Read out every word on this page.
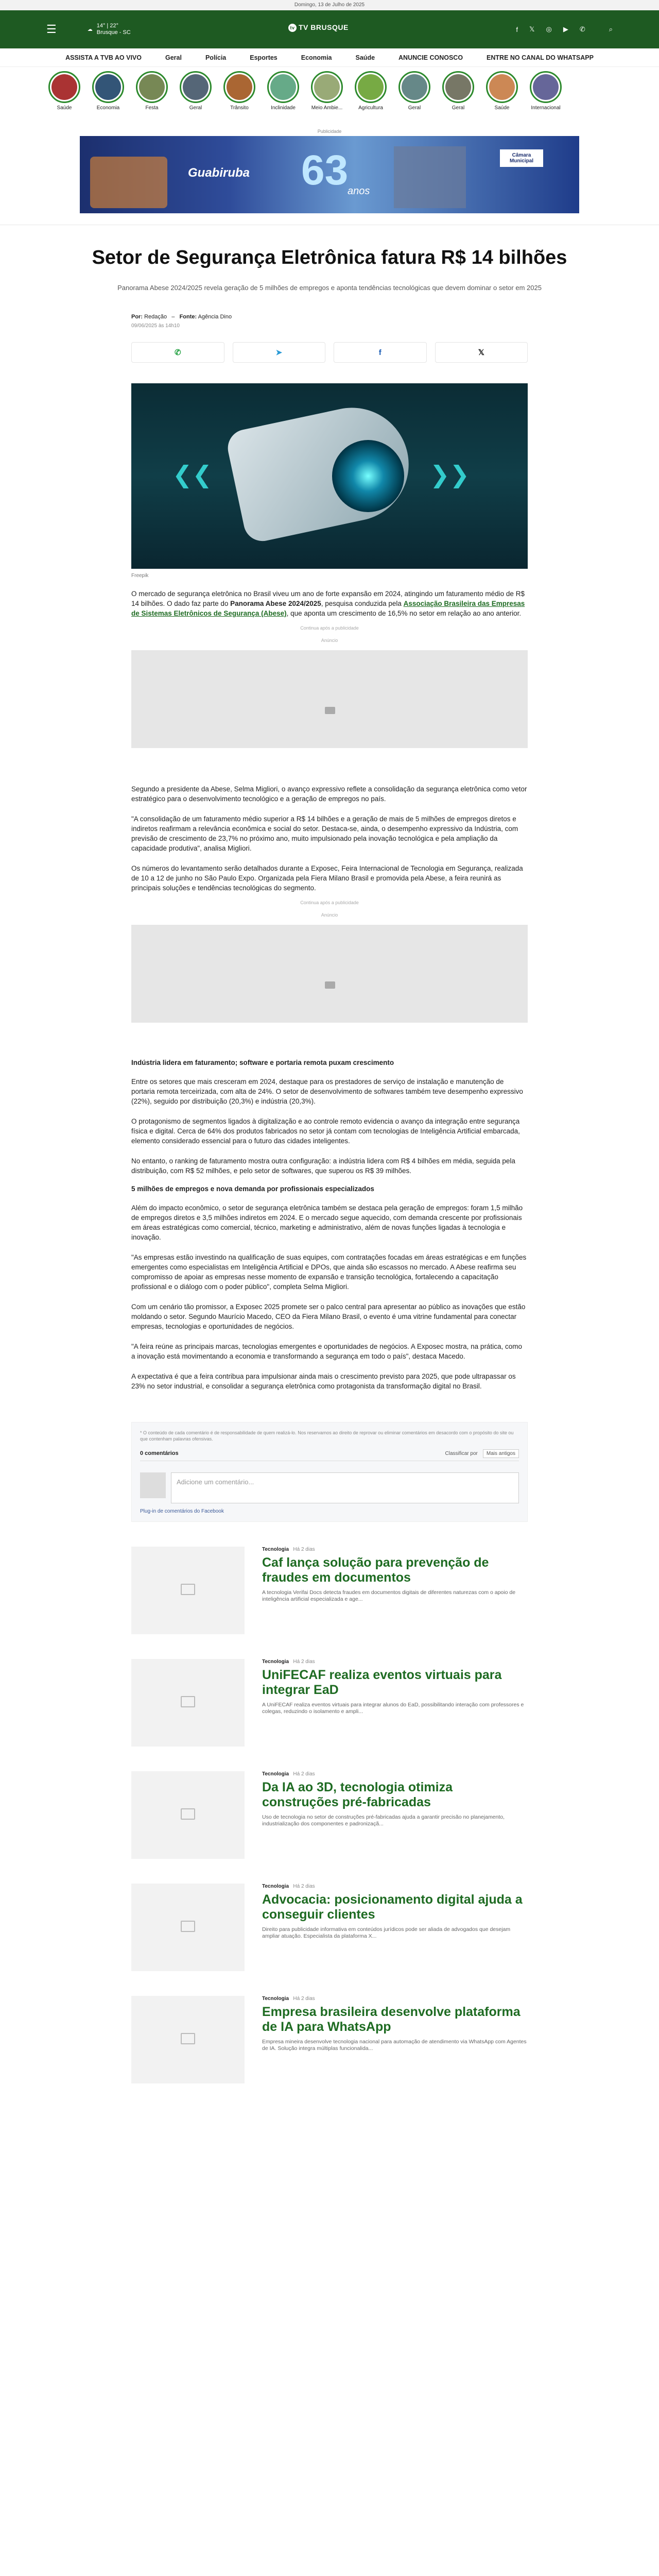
Domingo, 13 de Julho de 2025
☰	☁
14° | 22°
Brusque - SC
tv TV BRUSQUE	f 𝕏 ◎ ▶ ✆	⌕
ASSISTA A TVB AO VIVO	Geral	Polícia	Esportes	Economia	Saúde	ANUNCIE CONOSCO	ENTRE NO CANAL DO WHATSAPP
Saúde	Economia	Festa	Geral	Trânsito	Inclinidade	Meio Ambie...	Agricultura	Geral	Geral	Saúde	Internacional
Publicidade
Guabiruba 63
anos
Câmara Municipal
Setor de Segurança Eletrônica fatura R$ 14 bilhões
Panorama Abese 2024/2025 revela geração de 5 milhões de empregos e aponta tendências tecnológicas que devem dominar o setor em 2025
Por: Redação   –   Fonte: Agência Dino
09/06/2025 às 14h10
✆	➤	f	𝕏
❮❮	❯❯
Freepik

O mercado de segurança eletrônica no Brasil viveu um ano de forte expansão em 2024, atingindo um faturamento médio de R$ 14 bilhões. O dado faz parte do Panorama Abese 2024/2025, pesquisa conduzida pela Associação Brasileira das Empresas de Sistemas Eletrônicos de Segurança (Abese), que aponta um crescimento de 16,5% no setor em relação ao ano anterior.

Continua após a publicidade
Anúncio

Segundo a presidente da Abese, Selma Migliori, o avanço expressivo reflete a consolidação da segurança eletrônica como vetor estratégico para o desenvolvimento tecnológico e a geração de empregos no país.

"A consolidação de um faturamento médio superior a R$ 14 bilhões e a geração de mais de 5 milhões de empregos diretos e indiretos reafirmam a relevância econômica e social do setor. Destaca-se, ainda, o desempenho expressivo da Indústria, com previsão de crescimento de 23,7% no próximo ano, muito impulsionado pela inovação tecnológica e pela ampliação da capacidade produtiva", analisa Migliori.

Os números do levantamento serão detalhados durante a Exposec, Feira Internacional de Tecnologia em Segurança, realizada de 10 a 12 de junho no São Paulo Expo. Organizada pela Fiera Milano Brasil e promovida pela Abese, a feira reunirá as principais soluções e tendências tecnológicas do segmento.

Continua após a publicidade
Anúncio
Indústria lidera em faturamento; software e portaria remota puxam crescimento

Entre os setores que mais cresceram em 2024, destaque para os prestadores de serviço de instalação e manutenção de portaria remota terceirizada, com alta de 24%. O setor de desenvolvimento de softwares também teve desempenho expressivo (22%), seguido por distribuição (20,3%) e indústria (20,3%).

O protagonismo de segmentos ligados à digitalização e ao controle remoto evidencia o avanço da integração entre segurança física e digital. Cerca de 64% dos produtos fabricados no setor já contam com tecnologias de Inteligência Artificial embarcada, elemento considerado essencial para o futuro das cidades inteligentes.

No entanto, o ranking de faturamento mostra outra configuração: a indústria lidera com R$ 4 bilhões em média, seguida pela distribuição, com R$ 52 milhões, e pelo setor de softwares, que superou os R$ 39 milhões.

5 milhões de empregos e nova demanda por profissionais especializados

Além do impacto econômico, o setor de segurança eletrônica também se destaca pela geração de empregos: foram 1,5 milhão de empregos diretos e 3,5 milhões indiretos em 2024. E o mercado segue aquecido, com demanda crescente por profissionais em áreas estratégicas como comercial, técnico, marketing e administrativo, além de novas funções ligadas à tecnologia e inovação.

"As empresas estão investindo na qualificação de suas equipes, com contratações focadas em áreas estratégicas e em funções emergentes como especialistas em Inteligência Artificial e DPOs, que ainda são escassos no mercado. A Abese reafirma seu compromisso de apoiar as empresas nesse momento de expansão e transição tecnológica, fortalecendo a capacitação profissional e o diálogo com o poder público", completa Selma Migliori.

Com um cenário tão promissor, a Exposec 2025 promete ser o palco central para apresentar ao público as inovações que estão moldando o setor. Segundo Maurício Macedo, CEO da Fiera Milano Brasil, o evento é uma vitrine fundamental para conectar empresas, tecnologias e oportunidades de negócios.

"A feira reúne as principais marcas, tecnologias emergentes e oportunidades de negócios. A Exposec mostra, na prática, como a inovação está movimentando a economia e transformando a segurança em todo o país", destaca Macedo.

A expectativa é que a feira contribua para impulsionar ainda mais o crescimento previsto para 2025, que pode ultrapassar os 23% no setor industrial, e consolidar a segurança eletrônica como protagonista da transformação digital no Brasil.

* O conteúdo de cada comentário é de responsabilidade de quem realizá-lo. Nos reservamos ao direito de reprovar ou eliminar comentários em desacordo com o propósito do site ou que contenham palavras ofensivas.
0 comentários	Classificar por Mais antigos
Adicione um comentário...
Plug-in de comentários do Facebook
Tecnologia Há 2 dias
Caf lança solução para prevenção de fraudes em documentos
A tecnologia Verifai Docs detecta fraudes em documentos digitais de diferentes naturezas com o apoio de inteligência artificial especializada e age...
Tecnologia Há 2 dias
UniFECAF realiza eventos virtuais para integrar EaD
A UniFECAF realiza eventos virtuais para integrar alunos do EaD, possibilitando interação com professores e colegas, reduzindo o isolamento e ampli...
Tecnologia Há 2 dias
Da IA ao 3D, tecnologia otimiza construções pré-fabricadas
Uso de tecnologia no setor de construções pré-fabricadas ajuda a garantir precisão no planejamento, industrialização dos componentes e padronizaçã...
Tecnologia Há 2 dias
Advocacia: posicionamento digital ajuda a conseguir clientes
Direito para publicidade informativa em conteúdos jurídicos pode ser aliada de advogados que desejam ampliar atuação. Especialista da plataforma X...
Tecnologia Há 2 dias
Empresa brasileira desenvolve plataforma de IA para WhatsApp
Empresa mineira desenvolve tecnologia nacional para automação de atendimento via WhatsApp com Agentes de IA. Solução integra múltiplas funcionalida...
